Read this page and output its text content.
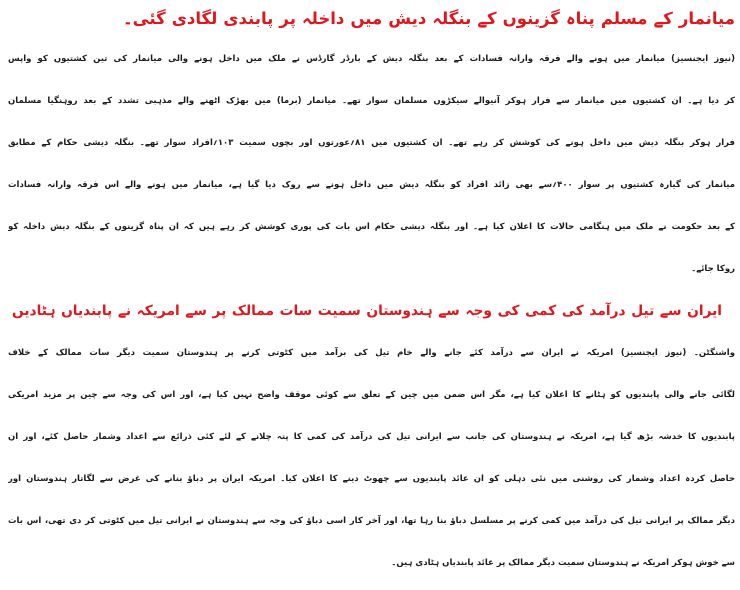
میانمار کے مسلم پناہ گزینوں کے بنگلہ دیش میں داخلہ پر پابندی لگادی گئی۔
(نیوز ایجنسیز) میانمار میں ہونے والے فرقہ وارانہ فسادات کے بعد بنگلہ دیش کے بارڈر گارڈس نے ملک میں داخل ہونے والی میانمار کی تین کشتیوں کو واپس
کر دیا ہے۔ ان کشتیوں میں میانمار سے فرار ہوکر آنیوالے سیکڑوں مسلمان سوار تھے۔ میانمار (برما) میں بھڑک اٹھنے والے مذہبی تشدد کے بعد روہنگیا مسلمان
فرار ہوکر بنگلہ دیش میں داخل ہونے کی کوشش کر رہے تھے۔ ان کشتیوں میں ۸۱؍عورتوں اور بچوں سمیت ۱۰۳؍افراد سوار تھے۔ بنگلہ دیشی حکام کے مطابق
میانمار کی گیارہ کشتیوں پر سوار ۴۰۰؍سے بھی زائد افراد کو بنگلہ دیش میں داخل ہونے سے روک دیا گیا ہے، میانمار میں ہونے والے اس فرقہ وارانہ فسادات
کے بعد حکومت نے ملک میں ہنگامی حالات کا اعلان کیا ہے۔ اور بنگلہ دیشی حکام اس بات کی پوری کوشش کر رہے ہیں کہ ان پناہ گزینوں کے بنگلہ دیش داخلہ کو
روکا جائے۔
ایران سے تیل درآمد کی کمی کی وجہ سے ہندوستان سمیت سات ممالک پر سے امریکہ نے پابندیاں ہٹادیں
واشنگٹن۔ (نیوز ایجنسیز) امریکہ نے ایران سے درآمد کئے جانے والے خام تیل کی برآمد میں کٹوتی کرنے پر ہندوستان سمیت دیگر سات ممالک کے خلاف
لگائی جانے والی پابندیوں کو ہٹانے کا اعلان کیا ہے، مگر اس ضمن میں چین کے تعلق سے کوئی موقف واضح نہیں کیا ہے، اور اس کی وجہ سے چین پر مزید امریکی
پابندیوں کا خدشہ بڑھ گیا ہے، امریکہ نے ہندوستان کی جانب سے ایرانی تیل کی درآمد کی کمی کا پتہ چلانے کے لئے کئی ذرائع سے اعداد وشمار حاصل کئے، اور ان
حاصل کردہ اعداد وشمار کی روشنی میں نئی دہلی کو ان عائد پابندیوں سے چھوٹ دینے کا اعلان کیا۔ امریکہ ایران پر دباؤ بنانے کی غرض سے لگاتار ہندوستان اور
دیگر ممالک پر ایرانی تیل کی درآمد میں کمی کرنے پر مسلسل دباؤ بنا رہا تھا، اور آخر کار اسی دباؤ کی وجہ سے ہندوستان نے ایرانی تیل میں کٹوتی کر دی تھی، اس بات
سے خوش ہوکر امریکہ نے ہندوستان سمیت دیگر ممالک پر عائد پابندیاں ہٹادی ہیں۔
